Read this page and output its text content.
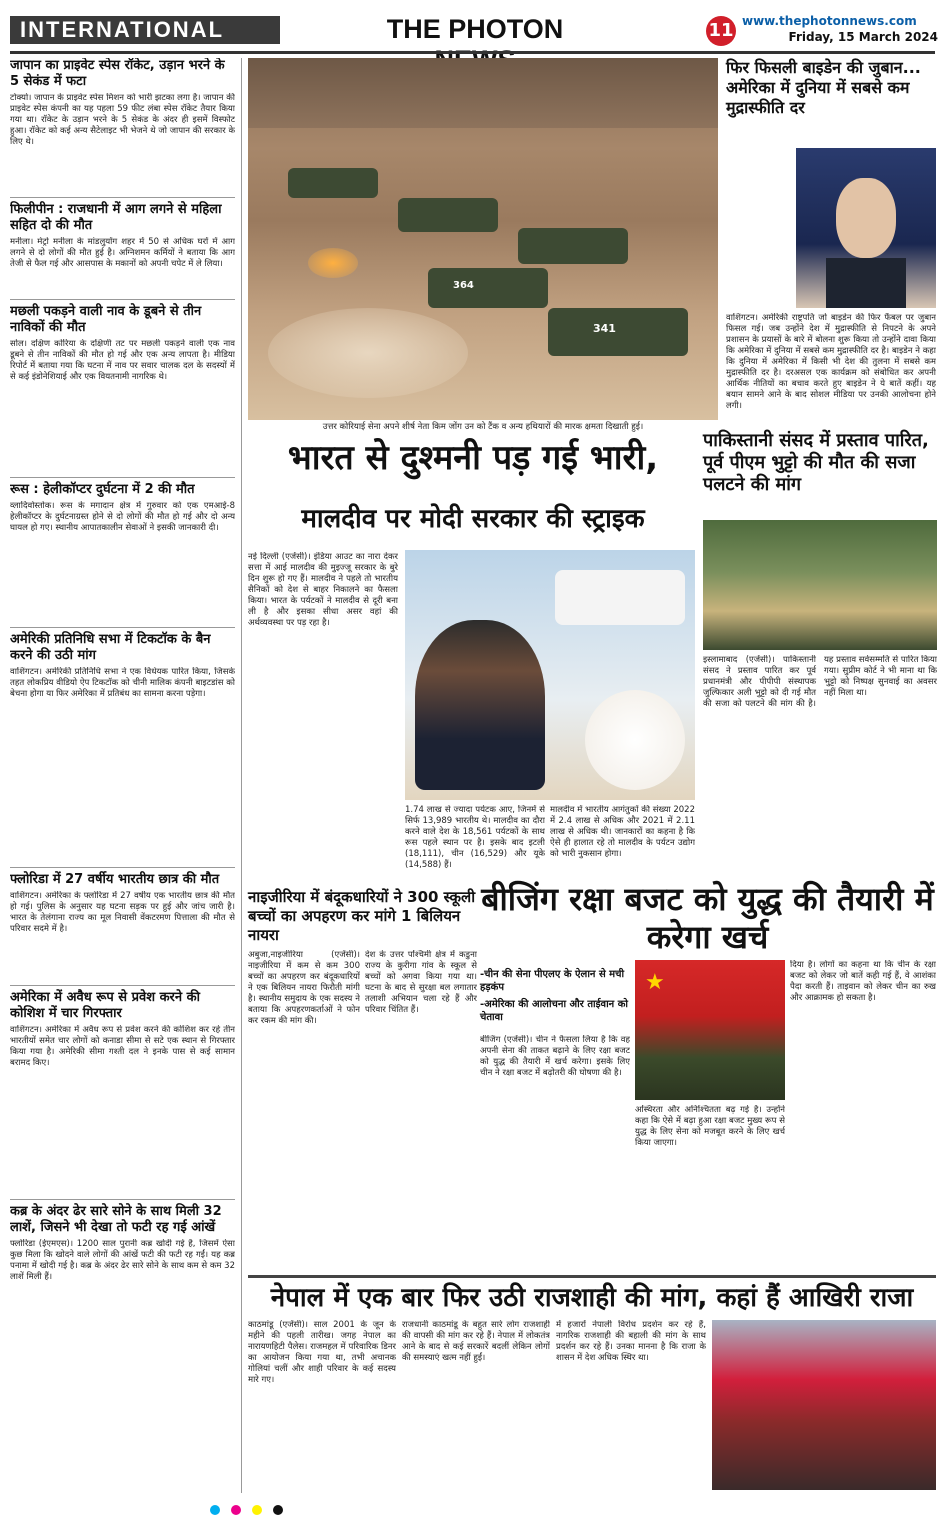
INTERNATIONAL	THE PHOTON	11 www.thephotonnews.com
Friday, 15 March 2024
जापान का प्राइवेट स्पेस रॉकेट, उड़ान भरने के 5 सेकंड में फटा
टोक्यो। जापान के प्राइवेट स्पेस मिशन को भारी झटका लगा है। जापान की प्राइवेट स्पेस कंपनी का यह पहला 59 फीट लंबा स्पेस रॉकेट तैयार किया गया था। रॉकेट के उड़ान भरने के 5 सेकंड के अंदर ही इसमें विस्फोट हुआ। रॉकेट को कई अन्य सैटेलाइट भी भेजने थे जो जापान की सरकार के लिए थे।
फिलीपीन : राजधानी में आग लगने से महिला सहित दो की मौत
मनीला। मेट्रो मनीला के मांडलुयोंग शहर में 50 से अधिक घरों में आग लगने से दो लोगों की मौत हुई है। अग्निशमन कर्मियों ने बताया कि आग तेजी से फैल गई और आसपास के मकानों को अपनी चपेट में ले लिया।
मछली पकड़ने वाली नाव के डूबने से तीन नाविकों की मौत
सोल। दक्षिण कोरिया के दक्षिणी तट पर मछली पकड़ने वाली एक नाव डूबने से तीन नाविकों की मौत हो गई और एक अन्य लापता है। मीडिया रिपोर्ट में बताया गया कि घटना में नाव पर सवार चालक दल के सदस्यों में से कई इंडोनेशियाई और एक वियतनामी नागरिक थे।
रूस : हेलीकॉप्टर दुर्घटना में 2 की मौत
व्लादिवोस्तोक। रूस के मगादान क्षेत्र में गुरुवार को एक एमआई-8 हेलीकॉप्टर के दुर्घटनाग्रस्त होने से दो लोगों की मौत हो गई और दो अन्य घायल हो गए। स्थानीय आपातकालीन सेवाओं ने इसकी जानकारी दी।
अमेरिकी प्रतिनिधि सभा में टिकटॉक के बैन करने की उठी मांग
वाशिंगटन। अमेरिकी प्रतिनिधि सभा ने एक विधेयक पारित किया, जिसके तहत लोकप्रिय वीडियो ऐप टिकटॉक को चीनी मालिक कंपनी बाइटडांस को बेचना होगा या फिर अमेरिका में प्रतिबंध का सामना करना पड़ेगा।
फ्लोरिडा में 27 वर्षीय भारतीय छात्र की मौत
वाशिंगटन। अमेरिका के फ्लोरिडा में 27 वर्षीय एक भारतीय छात्र की मौत हो गई। पुलिस के अनुसार यह घटना सड़क पर हुई और जांच जारी है। भारत के तेलंगाना राज्य का मूल निवासी वेंकटरमण पित्ताला की मौत से परिवार सदमे में है।
अमेरिका में अवैध रूप से प्रवेश करने की कोशिश में चार गिरफ्तार
वाशिंगटन। अमेरिका में अवैध रूप से प्रवेश करने की कोशिश कर रहे तीन भारतीयों समेत चार लोगों को कनाडा सीमा से सटे एक स्थान से गिरफ्तार किया गया है। अमेरिकी सीमा गश्ती दल ने इनके पास से कई सामान बरामद किए।
कब्र के अंदर ढेर सारे सोने के साथ मिली 32 लाशें, जिसने भी देखा तो फटी रह गई आंखें
फ्लोरिडा (ईएमएस)। 1200 साल पुरानी कब्र खोदी गई है, जिसमें ऐसा कुछ मिला कि खोदने वाले लोगों की आंखें फटी की फटी रह गईं। यह कब्र पनामा में खोदी गई है। कब्र के अंदर ढेर सारे सोने के साथ कम से कम 32 लाशें मिली हैं।
364
341
उत्तर कोरियाई सेना अपने शीर्ष नेता किम जोंग उन को टैंक व अन्य हथियारों की मारक क्षमता दिखाती हुई।
फिर फिसली बाइडेन की जुबान... अमेरिका में दुनिया में सबसे कम मुद्रास्फीति दर
वाशिंगटन। अमेरिकी राष्ट्रपति जो बाइडेन की फिर फैंबल पर जुबान फिसल गई। जब उन्होंने देश में मुद्रास्फीति से निपटने के अपने प्रशासन के प्रयासों के बारे में बोलना शुरू किया तो उन्होंने दावा किया कि अमेरिका में दुनिया में सबसे कम मुद्रास्फीति दर है। बाइडेन ने कहा कि दुनिया में अमेरिका में किसी भी देश की तुलना में सबसे कम मुद्रास्फीति दर है। दरअसल एक कार्यक्रम को संबोधित कर अपनी आर्थिक नीतियों का बचाव करते हुए बाइडेन ने ये बातें कहीं। यह बयान सामने आने के बाद सोशल मीडिया पर उनकी आलोचना होने लगी।
भारत से दुश्मनी पड़ गई भारी,
मालदीव पर मोदी सरकार की स्ट्राइक
नई दिल्ली (एजेंसी)। इंडिया आउट का नारा देकर सत्ता में आई मालदीव की मुइज्जू सरकार के बुरे दिन शुरू हो गए हैं। मालदीव ने पहले तो भारतीय सैनिकों को देश से बाहर निकालने का फैसला किया। भारत के पर्यटकों ने मालदीव से दूरी बना ली है और इसका सीधा असर वहां की अर्थव्यवस्था पर पड़ रहा है।
1.74 लाख से ज्यादा पर्यटक आए, जिनमें से सिर्फ 13,989 भारतीय थे। मालदीव का दौरा करने वाले देश के 18,561 पर्यटकों के साथ रूस पहले स्थान पर है। इसके बाद इटली (18,111), चीन (16,529) और यूके (14,588) हैं।
मालदीव में भारतीय आगंतुकों की संख्या 2022 में 2.4 लाख से अधिक और 2021 में 2.11 लाख से अधिक थी। जानकारों का कहना है कि ऐसे ही हालात रहे तो मालदीव के पर्यटन उद्योग को भारी नुकसान होगा।
पाकिस्तानी संसद में प्रस्ताव पारित, पूर्व पीएम भुट्टो की मौत की सजा पलटने की मांग
इस्लामाबाद (एजेंसी)। पाकिस्तानी संसद ने प्रस्ताव पारित कर पूर्व प्रधानमंत्री और पीपीपी संस्थापक जुल्फिकार अली भुट्टो को दी गई मौत की सजा को पलटने की मांग की है। यह प्रस्ताव सर्वसम्मति से पारित किया गया। सुप्रीम कोर्ट ने भी माना था कि भुट्टो को निष्पक्ष सुनवाई का अवसर नहीं मिला था।
नाइजीरिया में बंदूकधारियों ने 300 स्कूली बच्चों का अपहरण कर मांगे 1 बिलियन नायरा
अबुजा,नाइजीरिया (एजेंसी)। नाइजीरिया में कम से कम 300 बच्चों का अपहरण कर बंदूकधारियों ने एक बिलियन नायरा फिरौती मांगी है। स्थानीय समुदाय के एक सदस्य ने बताया कि अपहरणकर्ताओं ने फोन कर रकम की मांग की।
देश के उत्तर पश्चिमी क्षेत्र में कडुना राज्य के कुरीगा गांव के स्कूल से बच्चों को अगवा किया गया था। घटना के बाद से सुरक्षा बल लगातार तलाशी अभियान चला रहे हैं और परिवार चिंतित हैं।
बीजिंग रक्षा बजट को युद्ध की तैयारी में करेगा खर्च
-चीन की सेना पीएलए के ऐलान से मची हड़कंप
-अमेरिका की आलोचना और ताईवान को चेतावा
★
बीजिंग (एजेंसी)। चीन ने फैसला लिया है कि वह अपनी सेना की ताकत बढ़ाने के लिए रक्षा बजट को युद्ध की तैयारी में खर्च करेगा। इसके लिए चीन ने रक्षा बजट में बढ़ोतरी की घोषणा की है।
अस्थिरता और अनिश्चितता बढ़ गई है। उन्होंने कहा कि ऐसे में बढ़ा हुआ रक्षा बजट मुख्य रूप से युद्ध के लिए सेना को मजबूत करने के लिए खर्च किया जाएगा।
दिया है। लोगों का कहना था कि चीन के रक्षा बजट को लेकर जो बातें कही गई हैं, वे आशंका पैदा करती हैं। ताइवान को लेकर चीन का रुख और आक्रामक हो सकता है।
नेपाल में एक बार फिर उठी राजशाही की मांग, कहां हैं आखिरी राजा
काठमांडू (एजेंसी)। साल 2001 के जून के महीने की पहली तारीख। जगह नेपाल का नारायणहिटी पैलेस। राजमहल में परिवारिक डिनर का आयोजन किया गया था, तभी अचानक गोलियां चलीं और शाही परिवार के कई सदस्य मारे गए।
राजधानी काठमांडू के बहुत सारे लोग राजशाही की वापसी की मांग कर रहे हैं। नेपाल में लोकतंत्र आने के बाद से कई सरकारें बदलीं लेकिन लोगों की समस्याएं खत्म नहीं हुईं।
में हजारों नेपाली विरोध प्रदर्शन कर रहे हैं, नागरिक राजशाही की बहाली की मांग के साथ प्रदर्शन कर रहे हैं। उनका मानना है कि राजा के शासन में देश अधिक स्थिर था।
